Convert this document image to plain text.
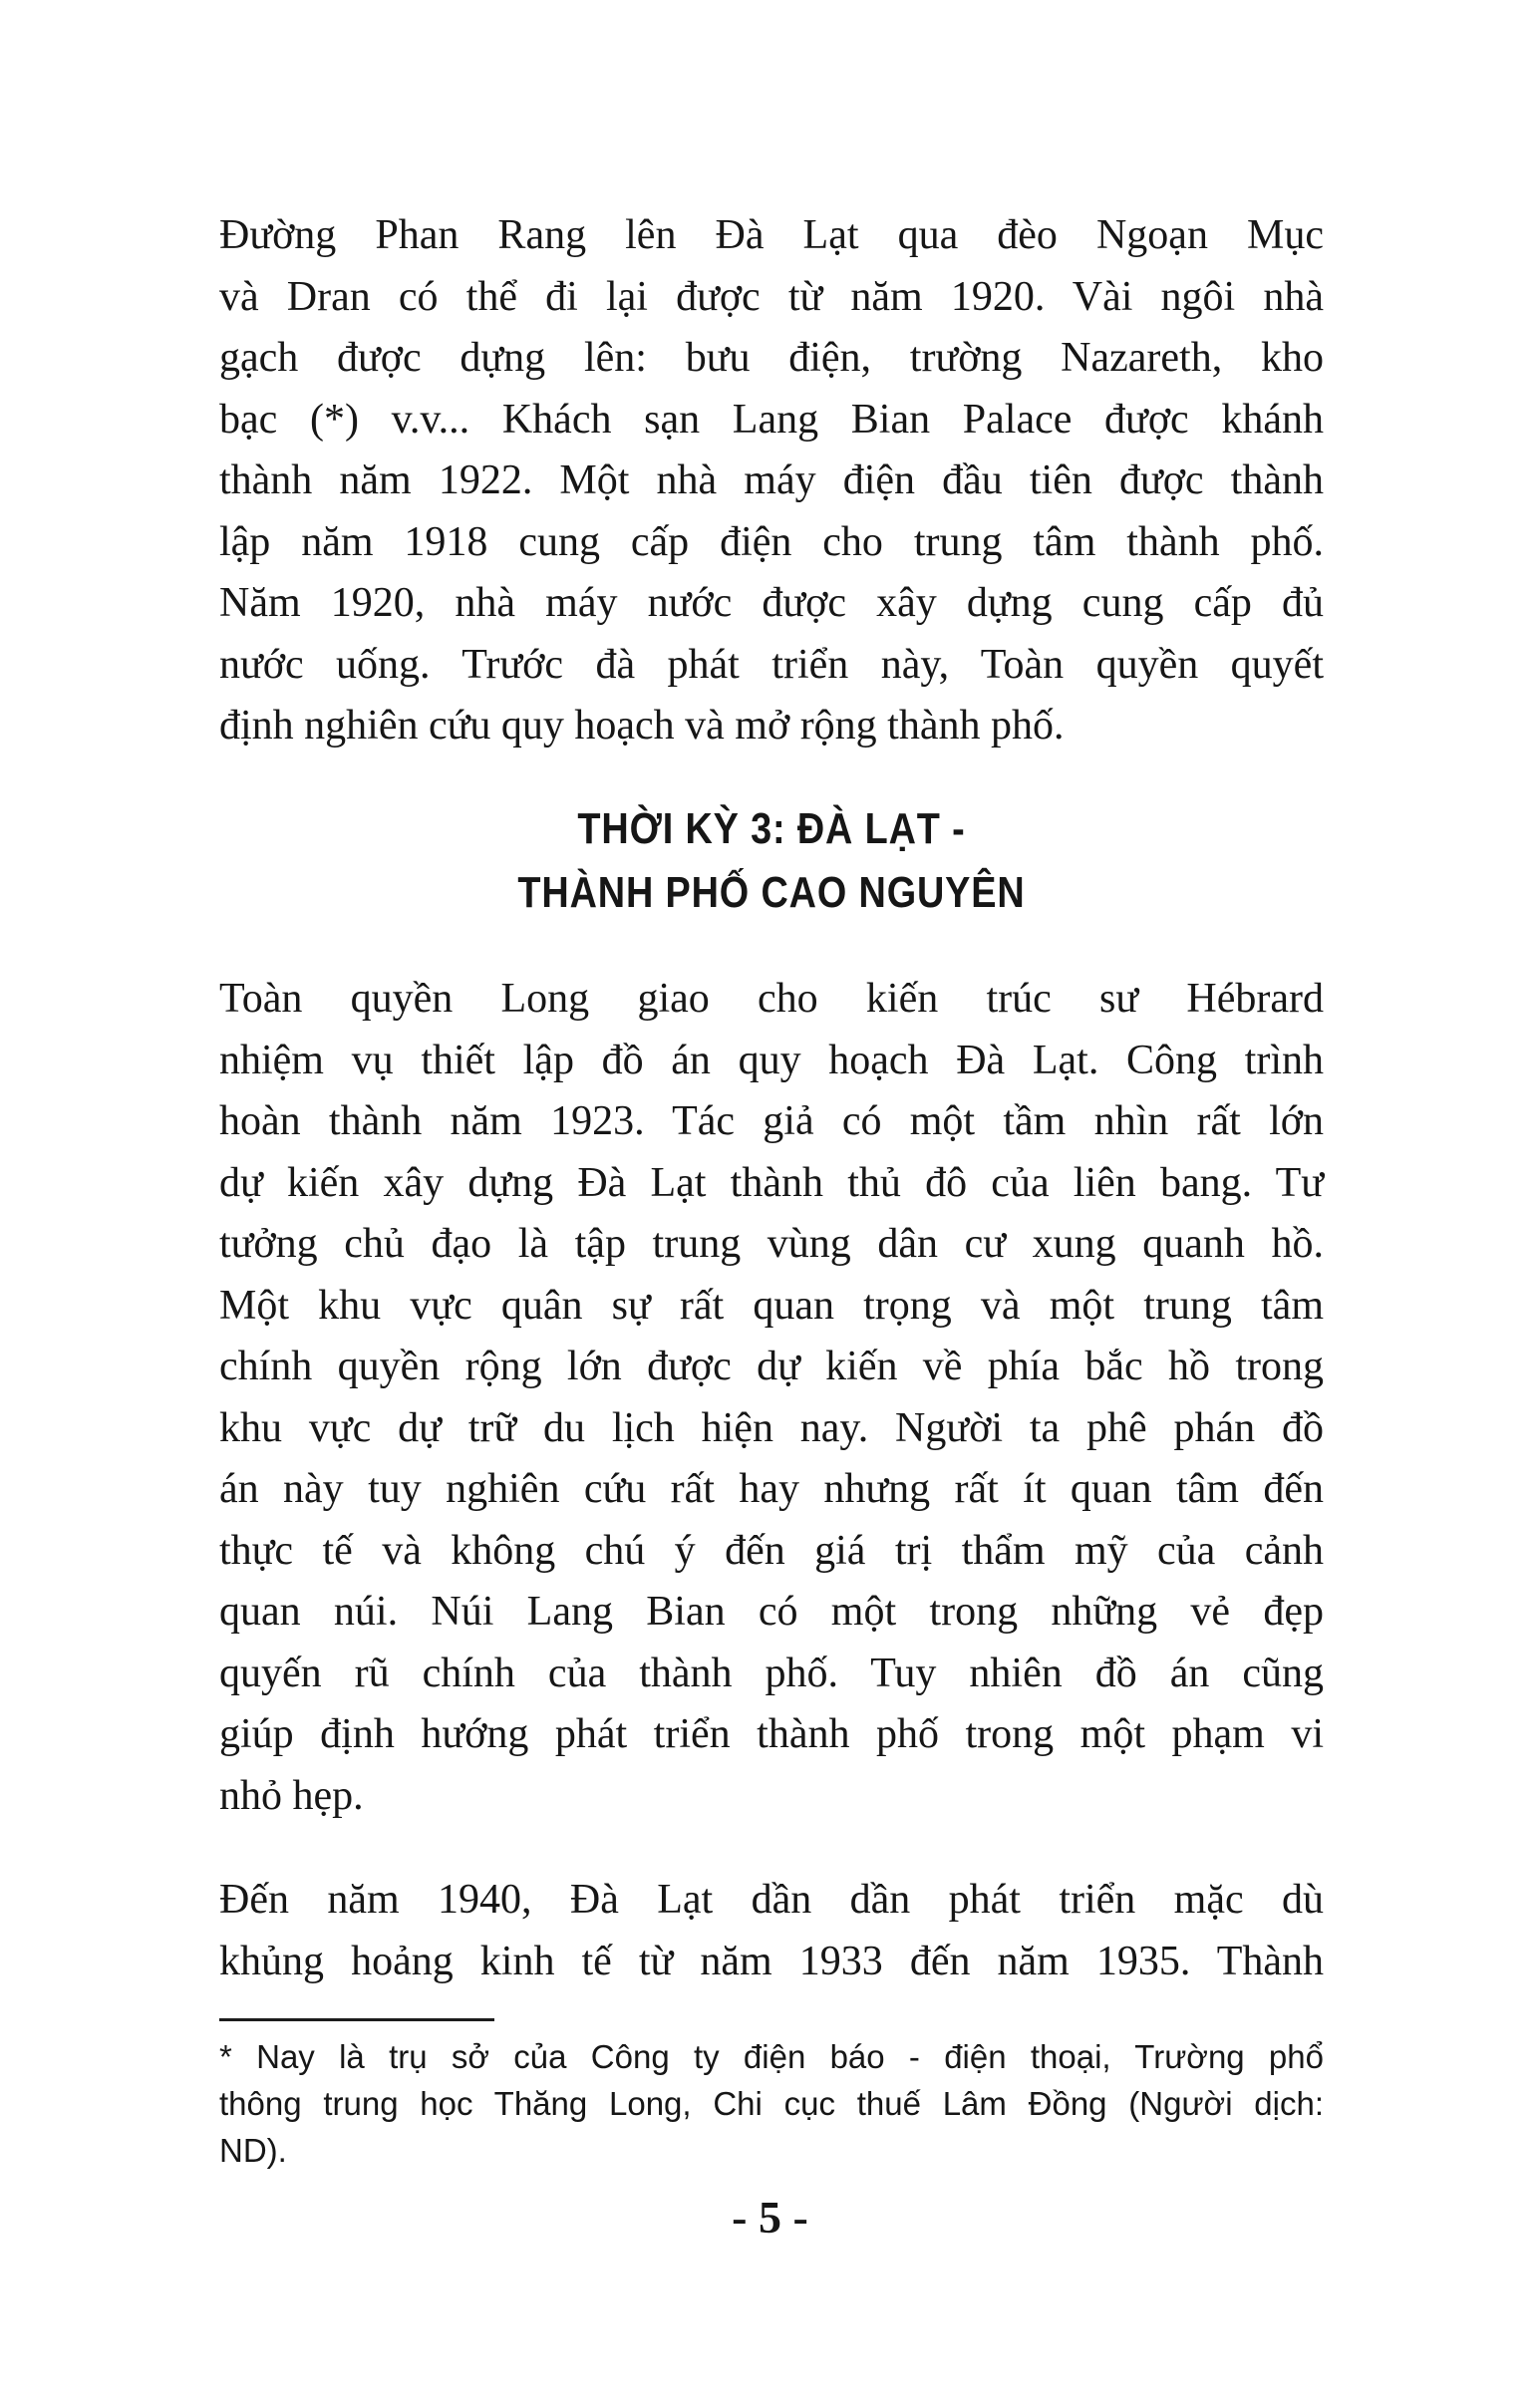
Đường Phan Rang lên Đà Lạt qua đèo Ngoạn Mục
và Dran có thể đi lại được từ năm 1920. Vài ngôi nhà
gạch được dựng lên: bưu điện, trường Nazareth, kho
bạc (*) v.v... Khách sạn Lang Bian Palace được khánh
thành năm 1922. Một nhà máy điện đầu tiên được thành
lập năm 1918 cung cấp điện cho trung tâm thành phố.
Năm 1920, nhà máy nước được xây dựng cung cấp đủ
nước uống. Trước đà phát triển này, Toàn quyền quyết
định nghiên cứu quy hoạch và mở rộng thành phố.
THỜI KỲ 3: ĐÀ LẠT -
THÀNH PHỐ CAO NGUYÊN
Toàn quyền Long giao cho kiến trúc sư Hébrard
nhiệm vụ thiết lập đồ án quy hoạch Đà Lạt. Công trình
hoàn thành năm 1923. Tác giả có một tầm nhìn rất lớn
dự kiến xây dựng Đà Lạt thành thủ đô của liên bang. Tư
tưởng chủ đạo là tập trung vùng dân cư xung quanh hồ.
Một khu vực quân sự rất quan trọng và một trung tâm
chính quyền rộng lớn được dự kiến về phía bắc hồ trong
khu vực dự trữ du lịch hiện nay. Người ta phê phán đồ
án này tuy nghiên cứu rất hay nhưng rất ít quan tâm đến
thực tế và không chú ý đến giá trị thẩm mỹ của cảnh
quan núi. Núi Lang Bian có một trong những vẻ đẹp
quyến rũ chính của thành phố. Tuy nhiên đồ án cũng
giúp định hướng phát triển thành phố trong một phạm vi
nhỏ hẹp.
Đến năm 1940, Đà Lạt dần dần phát triển mặc dù
khủng hoảng kinh tế từ năm 1933 đến năm 1935. Thành
* Nay là trụ sở của Công ty điện báo - điện thoại, Trường phổ
thông trung học Thăng Long, Chi cục thuế Lâm Đồng (Người dịch:
ND).
- 5 -
